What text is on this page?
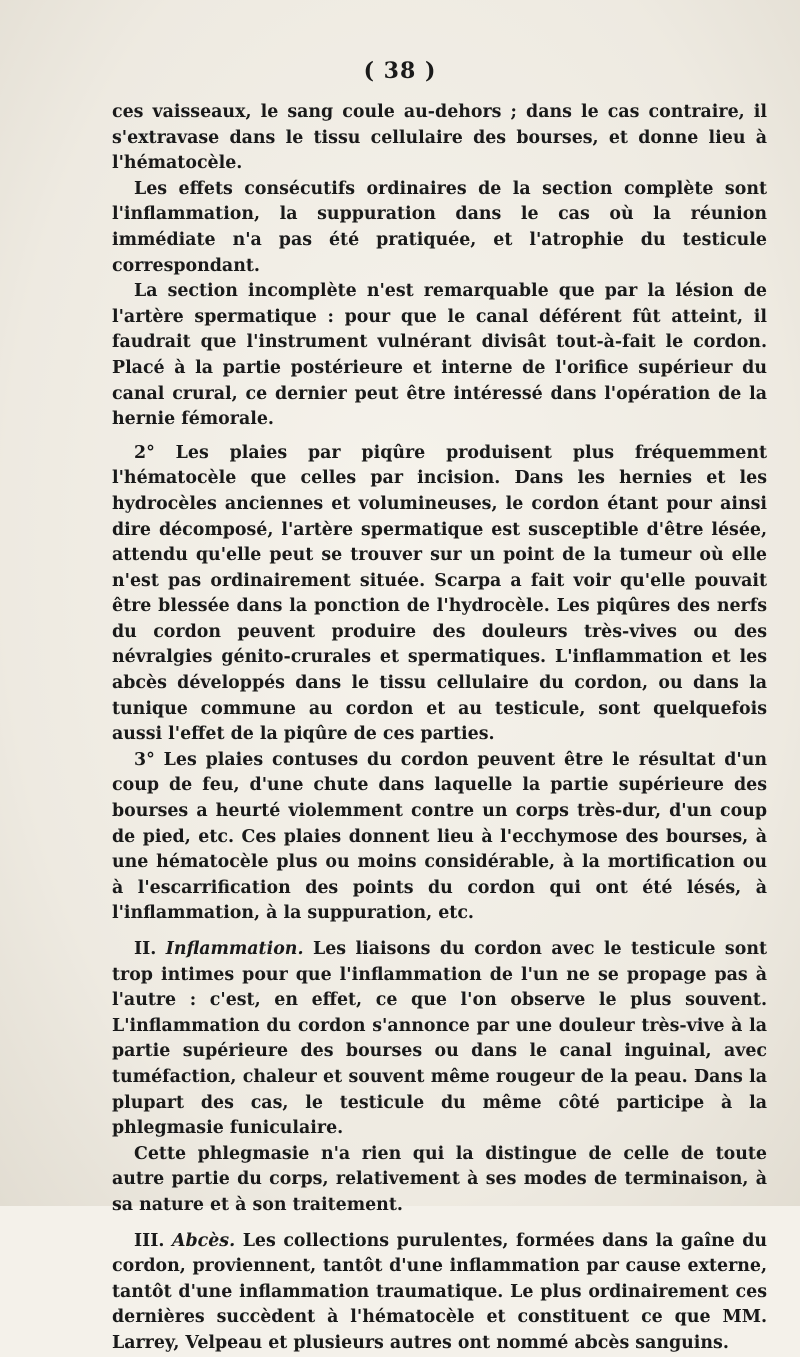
( 38 )

ces vaisseaux, le sang coule au-dehors ; dans le cas contraire, il s'extravase dans le tissu cellulaire des bourses, et donne lieu à l'hématocèle.

Les effets consécutifs ordinaires de la section complète sont l'inflammation, la suppuration dans le cas où la réunion immédiate n'a pas été pratiquée, et l'atrophie du testicule correspondant.

La section incomplète n'est remarquable que par la lésion de l'artère spermatique : pour que le canal déférent fût atteint, il faudrait que l'instrument vulnérant divisât tout-à-fait le cordon. Placé à la partie postérieure et interne de l'orifice supérieur du canal crural, ce dernier peut être intéressé dans l'opération de la hernie fémorale.

2° Les plaies par piqûre produisent plus fréquemment l'hématocèle que celles par incision. Dans les hernies et les hydrocèles anciennes et volumineuses, le cordon étant pour ainsi dire décomposé, l'artère spermatique est susceptible d'être lésée, attendu qu'elle peut se trouver sur un point de la tumeur où elle n'est pas ordinairement située. Scarpa a fait voir qu'elle pouvait être blessée dans la ponction de l'hydrocèle. Les piqûres des nerfs du cordon peuvent produire des douleurs très-vives ou des névralgies génito-crurales et spermatiques. L'inflammation et les abcès développés dans le tissu cellulaire du cordon, ou dans la tunique commune au cordon et au testicule, sont quelquefois aussi l'effet de la piqûre de ces parties.

3° Les plaies contuses du cordon peuvent être le résultat d'un coup de feu, d'une chute dans laquelle la partie supérieure des bourses a heurté violemment contre un corps très-dur, d'un coup de pied, etc. Ces plaies donnent lieu à l'ecchymose des bourses, à une hématocèle plus ou moins considérable, à la mortification ou à l'escarrification des points du cordon qui ont été lésés, à l'inflammation, à la suppuration, etc.

II. Inflammation. Les liaisons du cordon avec le testicule sont trop intimes pour que l'inflammation de l'un ne se propage pas à l'autre : c'est, en effet, ce que l'on observe le plus souvent. L'inflammation du cordon s'annonce par une douleur très-vive à la partie supérieure des bourses ou dans le canal inguinal, avec tuméfaction, chaleur et souvent même rougeur de la peau. Dans la plupart des cas, le testicule du même côté participe à la phlegmasie funiculaire.

Cette phlegmasie n'a rien qui la distingue de celle de toute autre partie du corps, relativement à ses modes de terminaison, à sa nature et à son traitement.

III. Abcès. Les collections purulentes, formées dans la gaîne du cordon, proviennent, tantôt d'une inflammation par cause externe, tantôt d'une inflammation traumatique. Le plus ordinairement ces dernières succèdent à l'hématocèle et constituent ce que MM. Larrey, Velpeau et plusieurs autres ont nommé abcès sanguins.
